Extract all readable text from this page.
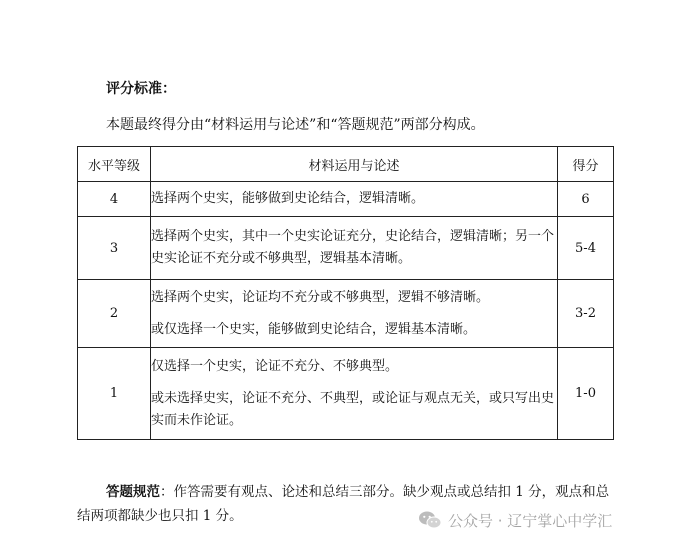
评分标准：
本题最终得分由“材料运用与论述”和“答题规范”两部分构成。
水平等级	材料运用与论述	得分
4	选择两个史实，能够做到史论结合，逻辑清晰。	6
3	选择两个史实，其中一个史实论证充分，史论结合，逻辑清晰；另一个史实论证不充分或不够典型，逻辑基本清晰。	5-4
2	选择两个史实，论证均不充分或不够典型，逻辑不够清晰。

或仅选择一个史实，能够做到史论结合，逻辑基本清晰。	3-2
1	仅选择一个史实，论证不充分、不够典型。

或未选择史实，论证不充分、不典型，或论证与观点无关，或只写出史实而未作论证。	1-0
答题规范：作答需要有观点、论述和总结三部分。缺少观点或总结扣 1 分，观点和总结两项都缺少也只扣 1 分。	公众号 · 辽宁掌心中学汇
